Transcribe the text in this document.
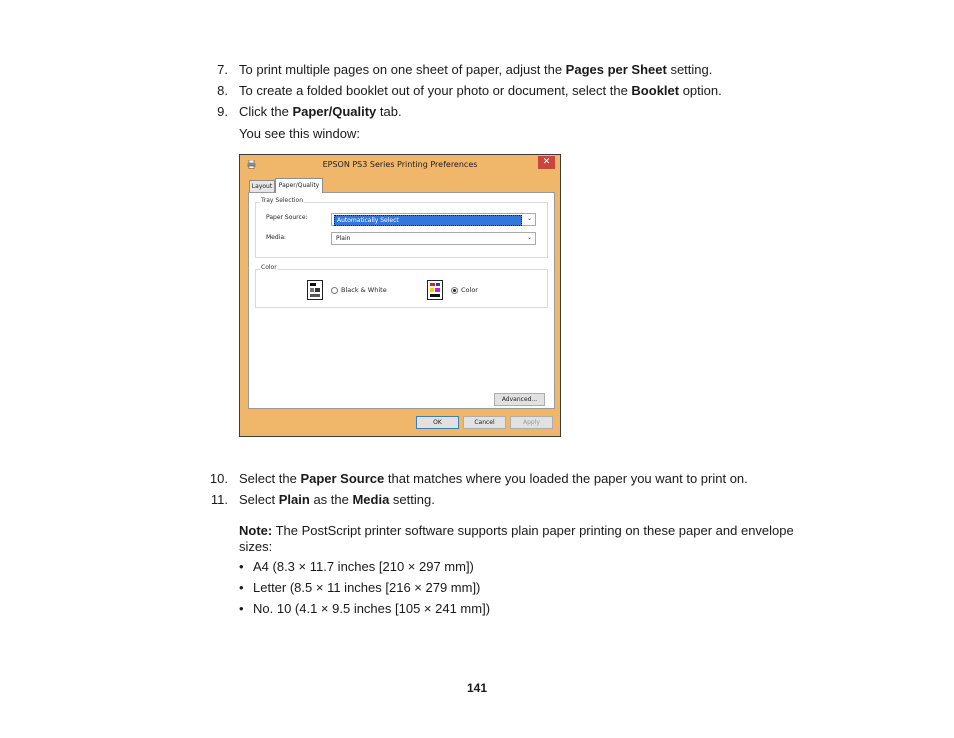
7. To print multiple pages on one sheet of paper, adjust the Pages per Sheet setting.
8. To create a folded booklet out of your photo or document, select the Booklet option.
9. Click the Paper/Quality tab.
You see this window:
EPSON PS3 Series Printing Preferences	✕
Layout	Paper/Quality
Tray Selection
Paper Source:	Automatically Select	⌄
Media:	Plain	⌄
Color
Black & White	Color
Advanced...
OK	Cancel	Apply
10. Select the Paper Source that matches where you loaded the paper you want to print on.
11. Select Plain as the Media setting.
Note: The PostScript printer software supports plain paper printing on these paper and envelope sizes:
• A4 (8.3 × 11.7 inches [210 × 297 mm])
• Letter (8.5 × 11 inches [216 × 279 mm])
• No. 10 (4.1 × 9.5 inches [105 × 241 mm])
141
